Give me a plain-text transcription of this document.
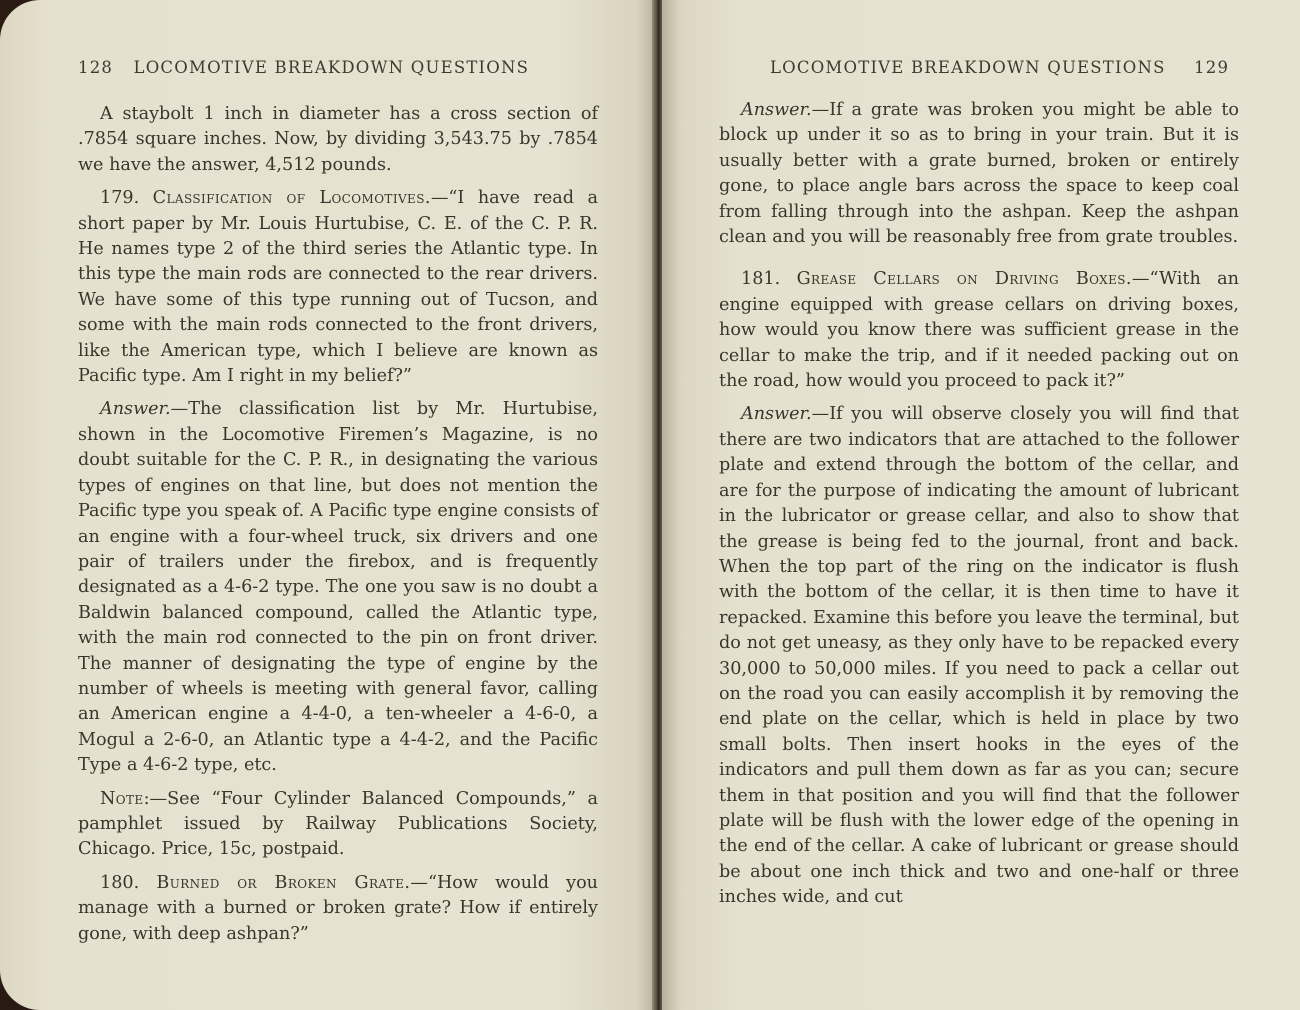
128 LOCOMOTIVE BREAKDOWN QUESTIONS

A staybolt 1 inch in diameter has a cross section of .7854 square inches. Now, by dividing 3,543.75 by .7854 we have the answer, 4,512 pounds.

179. Classification of Locomotives.—“I have read a short paper by Mr. Louis Hurtubise, C. E. of the C. P. R. He names type 2 of the third series the Atlantic type. In this type the main rods are connected to the rear drivers. We have some of this type running out of Tucson, and some with the main rods connected to the front drivers, like the American type, which I believe are known as Pacific type. Am I right in my belief?”

Answer.—The classification list by Mr. Hurtubise, shown in the Locomotive Firemen’s Magazine, is no doubt suitable for the C. P. R., in designating the various types of engines on that line, but does not mention the Pacific type you speak of. A Pacific type engine consists of an engine with a four-wheel truck, six drivers and one pair of trailers under the firebox, and is frequently designated as a 4-6-2 type. The one you saw is no doubt a Baldwin balanced compound, called the Atlantic type, with the main rod connected to the pin on front driver. The manner of designating the type of engine by the number of wheels is meeting with general favor, calling an American engine a 4-4-0, a ten-wheeler a 4-6-0, a Mogul a 2-6-0, an Atlantic type a 4-4-2, and the Pacific Type a 4-6-2 type, etc.

Note:—See “Four Cylinder Balanced Compounds,” a pamphlet issued by Railway Publications Society, Chicago. Price, 15c, postpaid.

180. Burned or Broken Grate.—“How would you manage with a burned or broken grate? How if entirely gone, with deep ashpan?”

LOCOMOTIVE BREAKDOWN QUESTIONS 129

Answer.—If a grate was broken you might be able to block up under it so as to bring in your train. But it is usually better with a grate burned, broken or entirely gone, to place angle bars across the space to keep coal from falling through into the ashpan. Keep the ashpan clean and you will be reasonably free from grate troubles.

181. Grease Cellars on Driving Boxes.—“With an engine equipped with grease cellars on driving boxes, how would you know there was sufficient grease in the cellar to make the trip, and if it needed packing out on the road, how would you proceed to pack it?”

Answer.—If you will observe closely you will find that there are two indicators that are attached to the follower plate and extend through the bottom of the cellar, and are for the purpose of indicating the amount of lubricant in the lubricator or grease cellar, and also to show that the grease is being fed to the journal, front and back. When the top part of the ring on the indicator is flush with the bottom of the cellar, it is then time to have it repacked. Examine this before you leave the terminal, but do not get uneasy, as they only have to be repacked every 30,000 to 50,000 miles. If you need to pack a cellar out on the road you can easily accomplish it by removing the end plate on the cellar, which is held in place by two small bolts. Then insert hooks in the eyes of the indicators and pull them down as far as you can; secure them in that position and you will find that the follower plate will be flush with the lower edge of the opening in the end of the cellar. A cake of lubricant or grease should be about one inch thick and two and one-half or three inches wide, and cut
